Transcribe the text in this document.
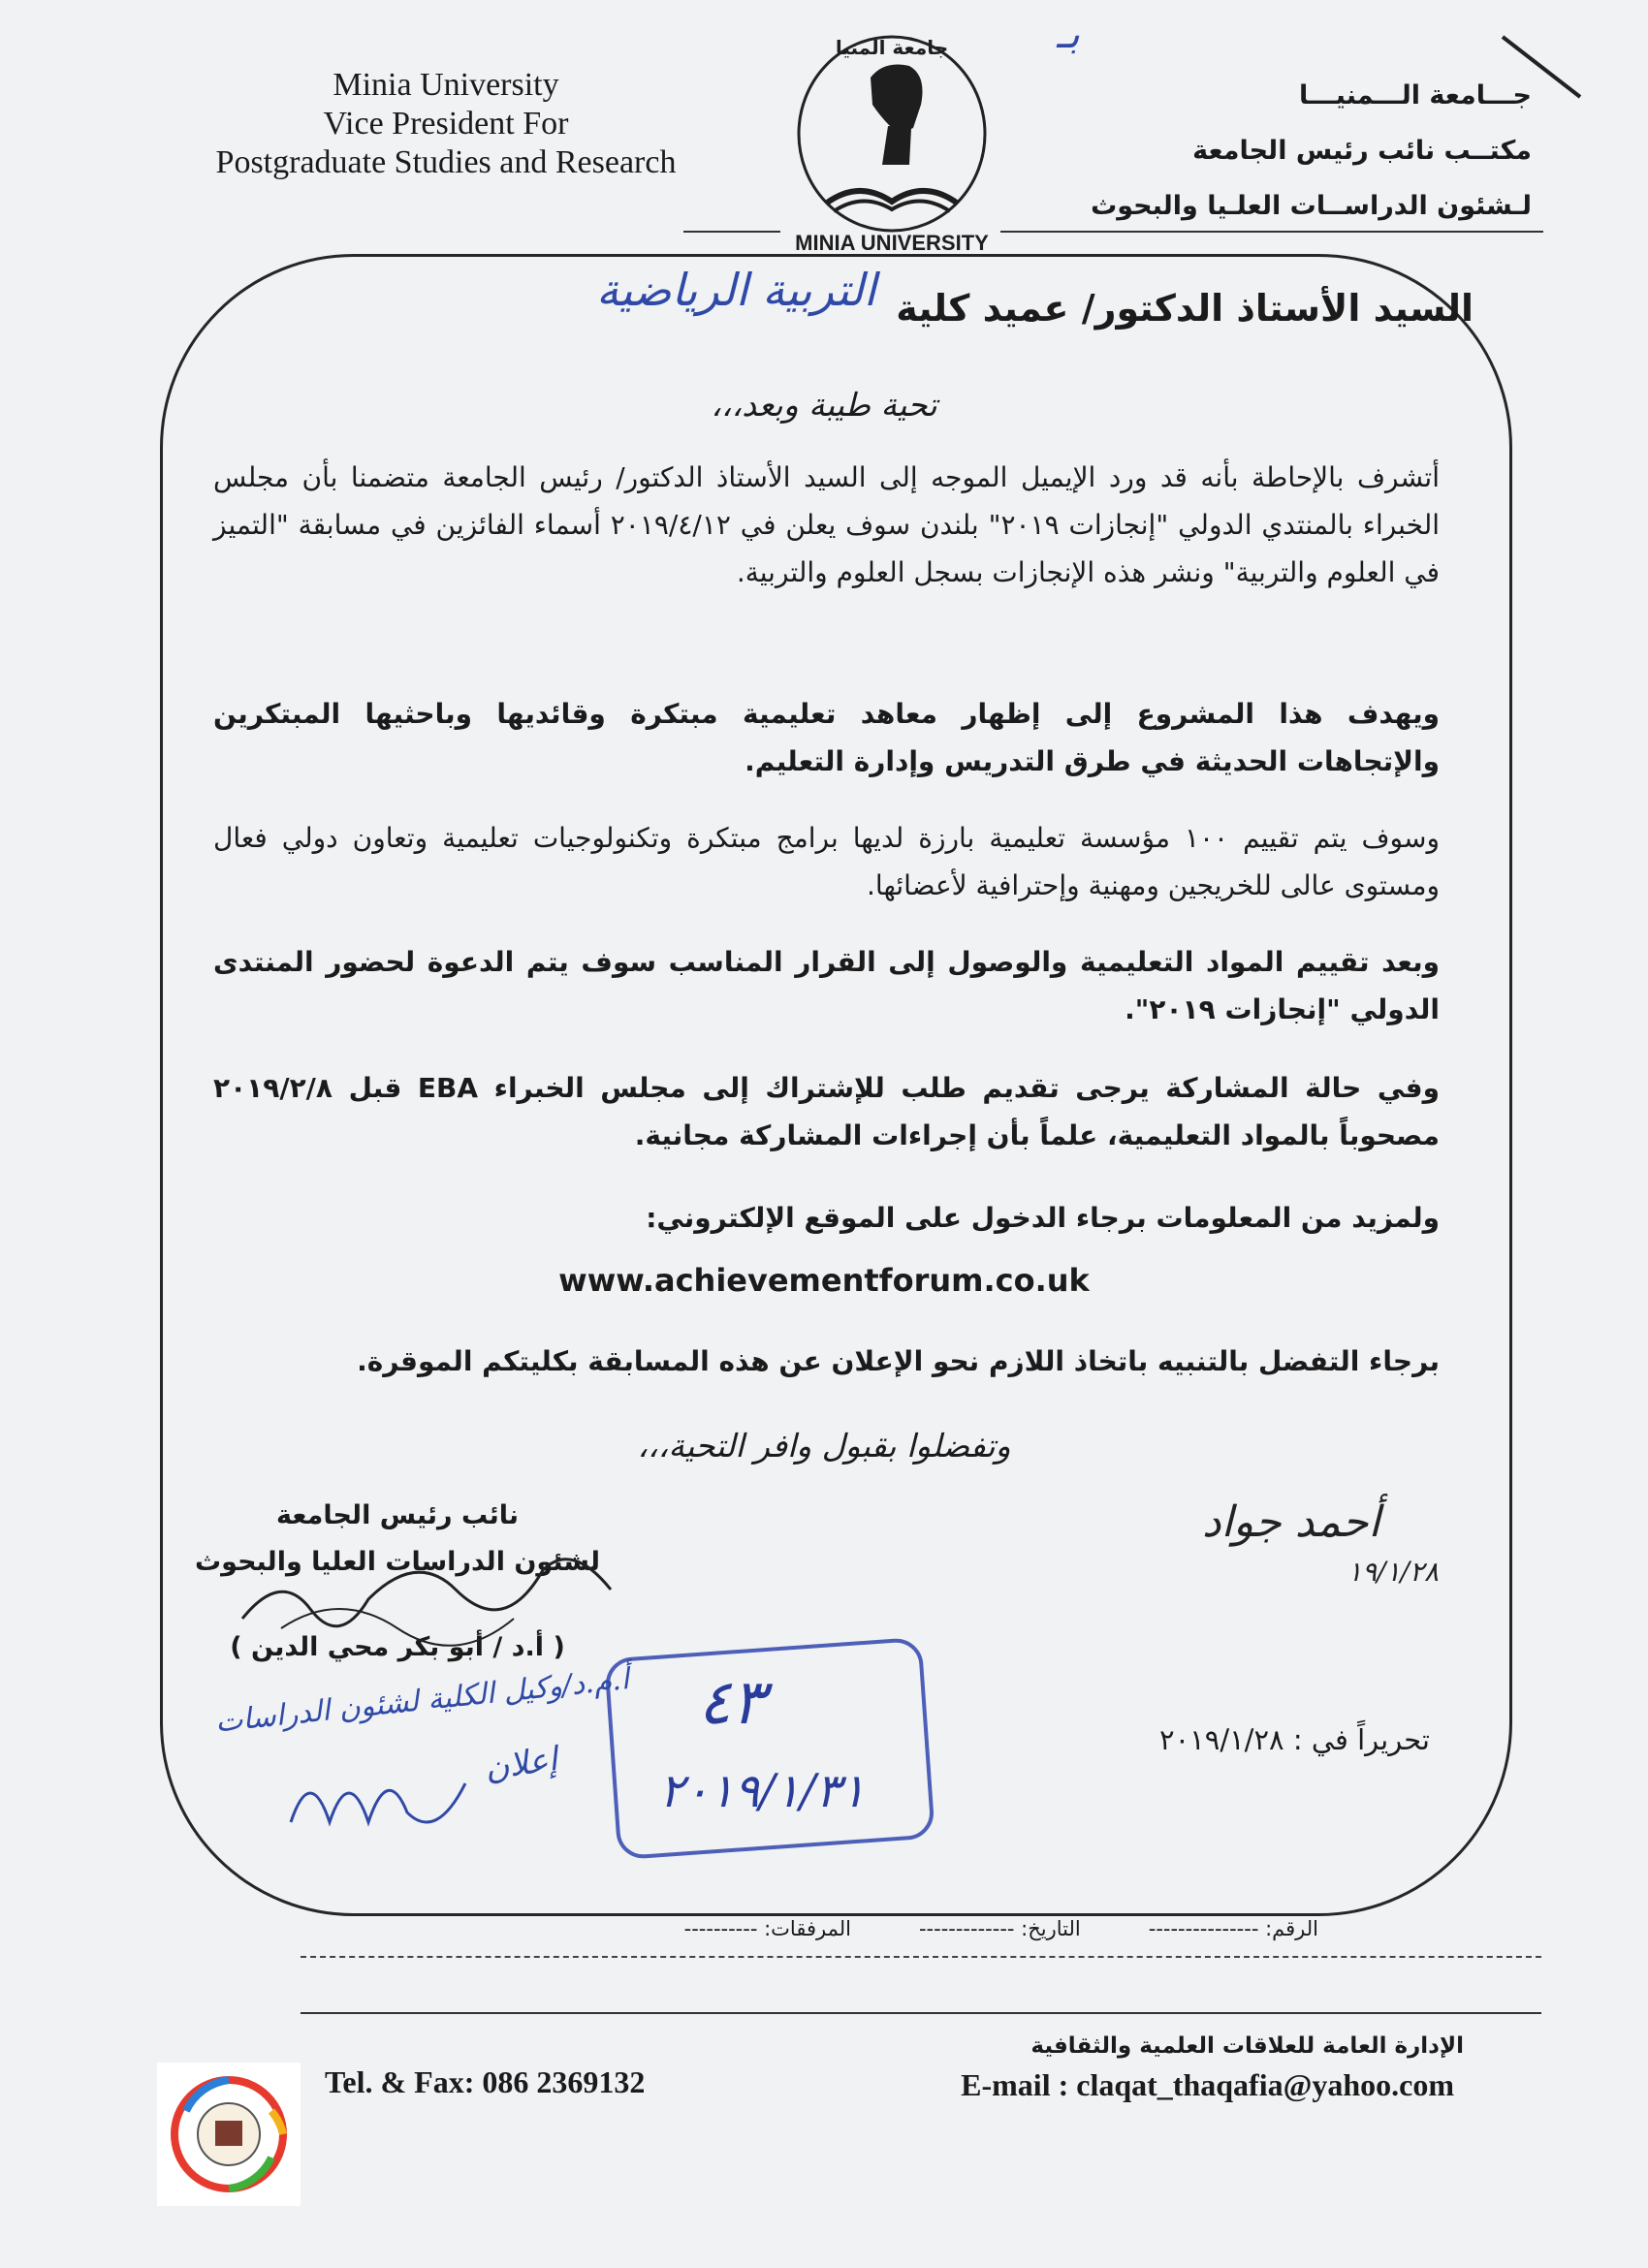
Minia University
Vice President For
Postgraduate Studies and Research
جامعة المنيا
MINIA UNIVERSITY
جـــامعة الـــمنيـــا
مكتــب نائب رئيس الجامعة
لـشئون الدراســات العلـيا والبحوث
بـ
السيد الأستاذ الدكتور/ عميد كلية
التربية الرياضية
تحية طيبة وبعد،،،
أتشرف بالإحاطة بأنه قد ورد الإيميل الموجه إلى السيد الأستاذ الدكتور/ رئيس الجامعة متضمنا بأن مجلس الخبراء بالمنتدي الدولي "إنجازات ٢٠١٩" بلندن سوف يعلن في ٢٠١٩/٤/١٢ أسماء الفائزين في مسابقة "التميز في العلوم والتربية" ونشر هذه الإنجازات بسجل العلوم والتربية.
ويهدف هذا المشروع إلى إظهار معاهد تعليمية مبتكرة وقائديها وباحثيها المبتكرين والإتجاهات الحديثة في طرق التدريس وإدارة التعليم.
وسوف يتم تقييم ١٠٠ مؤسسة تعليمية بارزة لديها برامج مبتكرة وتكنولوجيات تعليمية وتعاون دولي فعال ومستوى عالى للخريجين ومهنية وإحترافية لأعضائها.
وبعد تقييم المواد التعليمية والوصول إلى القرار المناسب سوف يتم الدعوة لحضور المنتدى الدولي "إنجازات ٢٠١٩".
وفي حالة المشاركة يرجى تقديم طلب للإشتراك إلى مجلس الخبراء EBA قبل ٢٠١٩/٢/٨ مصحوباً بالمواد التعليمية، علماً بأن إجراءات المشاركة مجانية.
ولمزيد من المعلومات برجاء الدخول على الموقع الإلكتروني:
www.achievementforum.co.uk
برجاء التفضل بالتنبيه باتخاذ اللازم نحو الإعلان عن هذه المسابقة بكليتكم الموقرة.
وتفضلوا بقبول وافر التحية،،،
نائب رئيس الجامعة
لشئون الدراسات العليا والبحوث
( أ.د / أبو بكر محي الدين )
أحمد جواد
١٩/١/٢٨
٤٣
٢٠١٩/١/٣١
أ.م.د/وكيل الكلية لشئون الدراسات
إعلان	تحريراً في : ٢٠١٩/١/٢٨
الرقم: ---------------
التاريخ: -------------
المرفقات: ----------
الإدارة العامة للعلاقات العلمية والثقافية
E-mail : claqat_thaqafia@yahoo.com
Tel. & Fax: 086 2369132
